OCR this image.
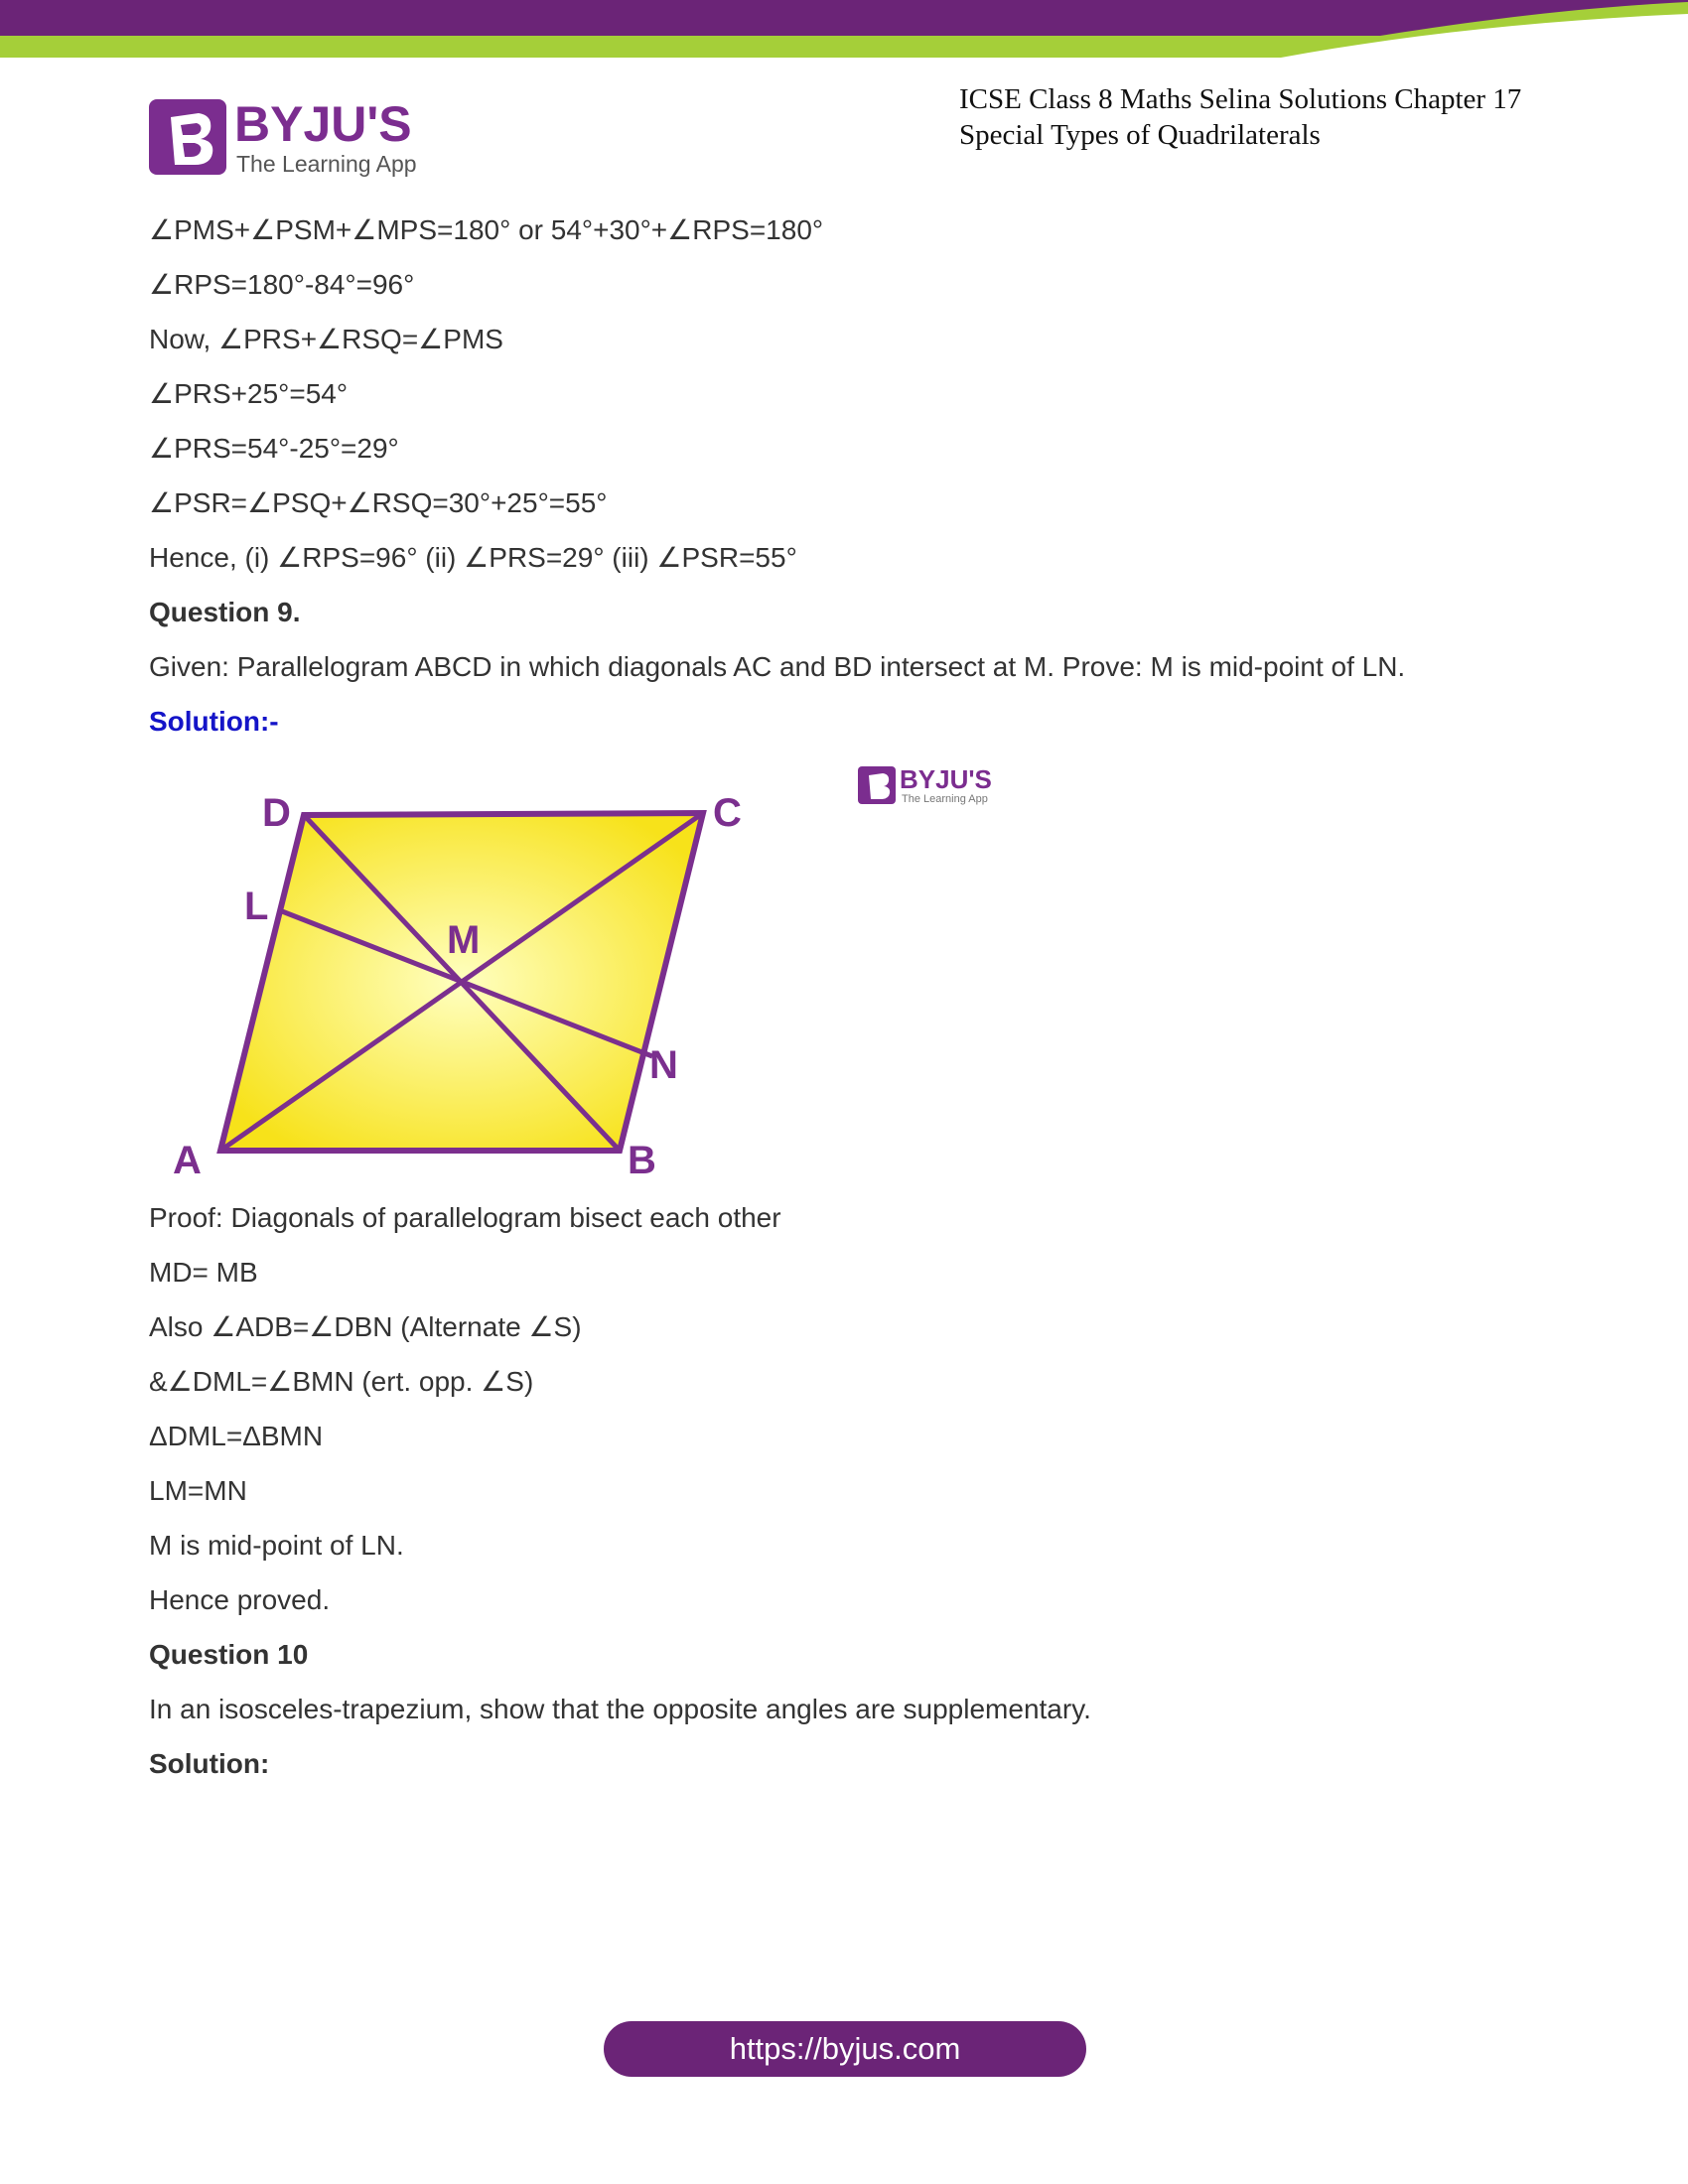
BYJU'S
The Learning App
ICSE Class 8 Maths Selina Solutions Chapter 17
Special Types of Quadrilaterals
∠PMS+∠PSM+∠MPS=180° or 54°+30°+∠RPS=180°
∠RPS=180°-84°=96°
Now, ∠PRS+∠RSQ=∠PMS
∠PRS+25°=54°
∠PRS=54°-25°=29°
∠PSR=∠PSQ+∠RSQ=30°+25°=55°
Hence, (i) ∠RPS=96° (ii) ∠PRS=29° (iii) ∠PSR=55°
Question 9.
Given: Parallelogram ABCD in which diagonals AC and BD intersect at M. Prove: M is mid-point of LN.
Solution:-
D	C
A	B
L
M
N
BYJU'S
The Learning App
Proof: Diagonals of parallelogram bisect each other
MD= MB
Also ∠ADB=∠DBN (Alternate ∠S)
&∠DML=∠BMN (ert. opp. ∠S)
ΔDML=ΔBMN
LM=MN
M is mid-point of LN.
Hence proved.
Question 10
In an isosceles-trapezium, show that the opposite angles are supplementary.
Solution:
https://byjus.com
